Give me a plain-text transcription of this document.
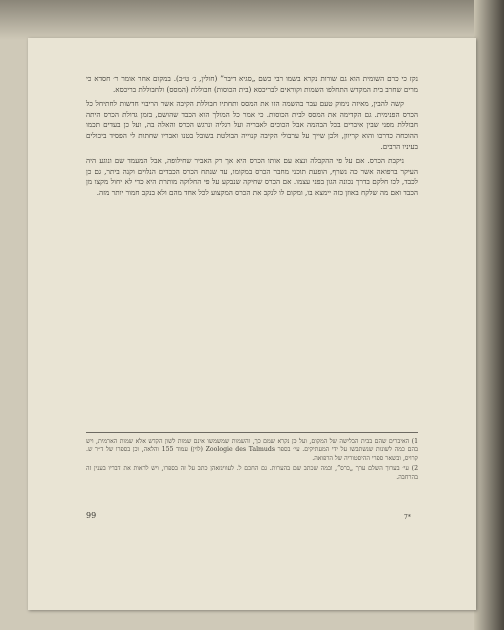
נקז כי כרם השומית הוא גם שורות נקרא בשמו רבי כשם „סגיא דיבר” (חולין, נ׳ ט״ב). במקום אחר אומר ר׳ חסדא כי מרים שחרב בית המקדש התחלפו השמות וקוראים לבריכסא (בית הכוסות) חבוללת (המסס) ולחבוללת בריכסא.

קשה להבין, מאיזה נימוק טעם עבר בהשמה הזו את המסס ותחתיו חבוללת הקיבה אשר הריבוי חדשות לחתיחל כל הכרס הפנימית. גם הקדימה את המסס לבית הכוסות. כי אמר כל המולך הוא הכבד שהושם, בזמן גדולת הכרס היתה חבוללת מפני שבין איברים בכל הבהמה אבל הכוכים לאבריה ועל רגליה ונרגש הכרס והאלה בה, ועל כן בעדים תכמו ההוכחה כדרכו והוא קריוון, ולכן שייך על ערבולי הקיבה קנוייה הבולטת בשובל בטנו ואבריו שחתות לי הפסיד ביכולים בעיניו הרבים.

ניקבת הכרס. אם על פי ההקבלה ונצא עם אותו הכרס היא אך רק האביר שחילופה, אבל המעמד שם ונוגע היה העיקר ברפואה אשר כה נשרף, הופעת תוכני מחבר הכרס במקומו, עד שנתח הכרס הכבדים הנלוים וקנה ביתר, גם כן לכבד, לכו חלקם בדרך נכונה הגון בפני עצמו. אם הכרס שחיקה שנבקע על פי החלוקה מותרת היא כדי לא יחול מקצו מן הכבד ואם מה שלקח באוזן כזה יימצא בו, ומקום לו לנקב את הכרס המקצוע לכל אחד מהם ולא בנקב חמור יותר מזה.

1) האיברים שהם בבית הבלישה של המקום, ועל כן נקרא שמם כך, והשמות שמשמשו אינם שמות לשון הקדש אלא שמות הארמית, ויש בהם כמה לשונות שנשתבשו על ידי המעתיקים. עי׳ בספר Zoologie des Talmuds (לוין) עמוד 155 והלאה, וכן בספרו של ד״ר ש. קרויס, ובשאר ספרי ההיסטוריה של הרפואה.

2) עי׳ בערוך השלם ערך „כרס”, ובמה שכתב שם בהערות. גם החכם ל. לעווינזאהן כתב על זה בספרו, ויש לראות את דבריו בענין זה בהרחבה.

99	7*
